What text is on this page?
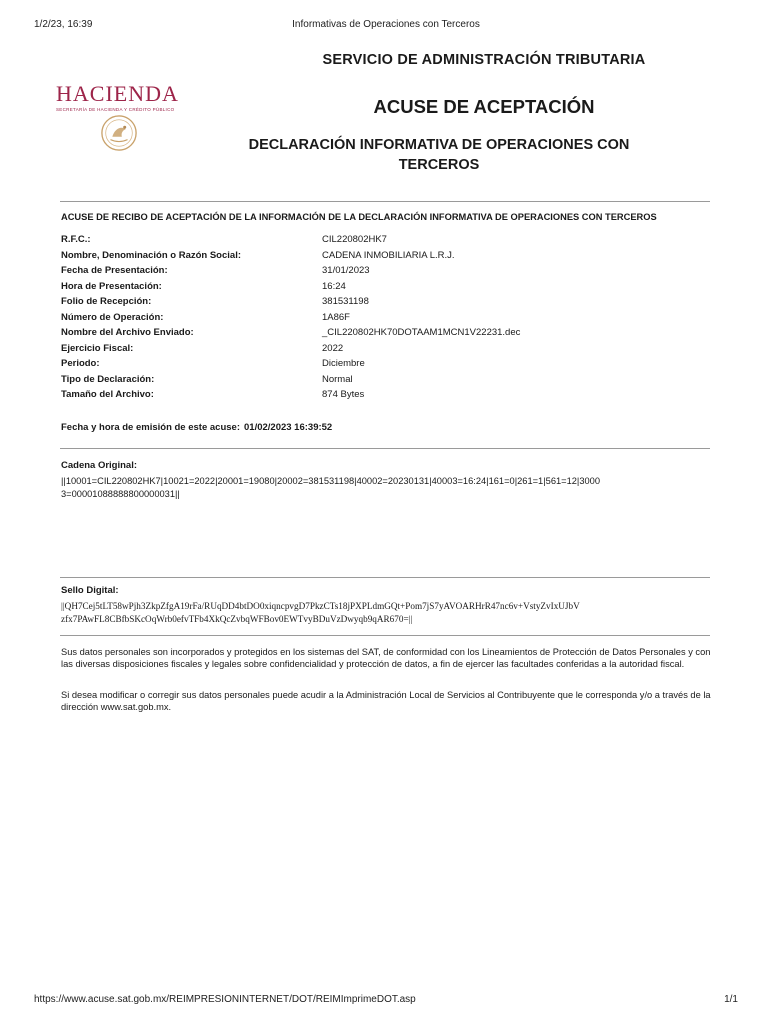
1/2/23, 16:39	Informativas de Operaciones con Terceros
HACIENDA
SECRETARÍA DE HACIENDA Y CRÉDITO PÚBLICO
SERVICIO DE ADMINISTRACIÓN TRIBUTARIA
ACUSE DE ACEPTACIÓN
DECLARACIÓN INFORMATIVA DE OPERACIONES CON
TERCEROS
ACUSE DE RECIBO DE ACEPTACIÓN DE LA INFORMACIÓN DE LA DECLARACIÓN INFORMATIVA DE OPERACIONES CON TERCEROS
R.F.C.:	CIL220802HK7
Nombre, Denominación o Razón Social:	CADENA INMOBILIARIA L.R.J.
Fecha de Presentación:	31/01/2023
Hora de Presentación:	16:24
Folio de Recepción:	381531198
Número de Operación:	1A86F
Nombre del Archivo Enviado:	_CIL220802HK70DOTAAM1MCN1V22231.dec
Ejercicio Fiscal:	2022
Periodo:	Diciembre
Tipo de Declaración:	Normal
Tamaño del Archivo:	874 Bytes
Fecha y hora de emisión de este acuse: 01/02/2023 16:39:52
Cadena Original:
||10001=CIL220802HK7|10021=2022|20001=19080|20002=381531198|40002=20230131|40003=16:24|161=0|261=1|561=12|3000
3=00001088888800000031||
Sello Digital:
||QH7Cej5tLT58wPjh3ZkpZfgA19rFa/RUqDD4btDO0xiqncpvgD7PkzCTs18jPXPLdmGQt+Pom7jS7yAVOARHrR47nc6v+VstyZvIxUJbV
zfx7PAwFL8CBfbSKcOqWrb0efvTFb4XkQcZvbqWFBov0EWTvyBDuVzDwyqb9qAR670=||
Sus datos personales son incorporados y protegidos en los sistemas del SAT, de conformidad con los Lineamientos de Protección de Datos Personales y con las diversas disposiciones fiscales y legales sobre confidencialidad y protección de datos, a fin de ejercer las facultades conferidas a la autoridad fiscal.
Si desea modificar o corregir sus datos personales puede acudir a la Administración Local de Servicios al Contribuyente que le corresponda y/o a través de la dirección www.sat.gob.mx.
https://www.acuse.sat.gob.mx/REIMPRESIONINTERNET/DOT/REIMImprimeDOT.asp	1/1
